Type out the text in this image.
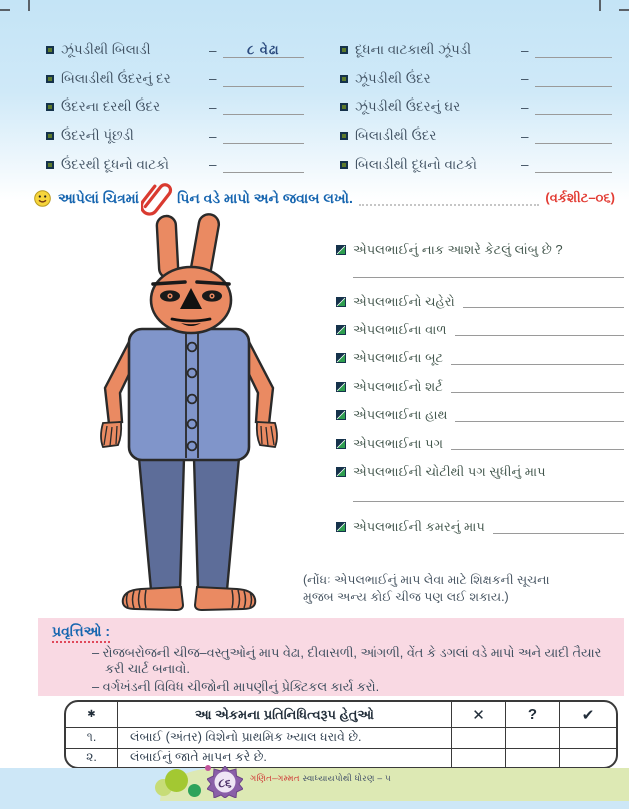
ઝૂંપડીથી બિલાડી	–	૮ વેઢા
બિલાડીથી ઉંદરનું દર	–
ઉંદરના દરથી ઉંદર	–
ઉંદરની પૂંછડી	–
ઉંદરથી દૂધનો વાટકો	–
દૂધના વાટકાથી ઝૂંપડી	–
ઝૂંપડીથી ઉંદર	–
ઝૂંપડીથી ઉંદરનું ઘર	–
બિલાડીથી ઉંદર	–
બિલાડીથી દૂધનો વાટકો	–
આપેલાં ચિત્રમાં	પિન વડે માપો અને જવાબ લખો.	(વર્કશીટ–૦૬)
એપલભાઈનું નાક આશરે કેટલું લાંબુ છે ?
એપલભાઈનો ચહેરો
એપલભાઈના વાળ
એપલભાઈના બૂટ
એપલભાઈનો શર્ટ
એપલભાઈના હાથ
એપલભાઈના પગ
એપલભાઈની ચોટીથી પગ સુધીનું માપ
એપલભાઈની કમરનું માપ
(નોંધઃ એપલભાઈનું માપ લેવા માટે શિક્ષકની સૂચના
મુજબ અન્ય કોઈ ચીજ પણ લઈ શકાય.)
પ્રવૃત્તિઓ :
– રોજબરોજની ચીજ–વસ્તુઓનું માપ વેઢા, દીવાસળી, આંગળી, વેંત કે ડગલાં વડે માપો અને યાદી તૈયાર કરી ચાર્ટ બનાવો.
– વર્ગખંડની વિવિધ ચીજોની માપણીનું પ્રેક્ટિકલ કાર્ય કરો.
✱	આ એકમના પ્રતિનિધિત્વરૂપ હેતુઓ	✕	?	✔
૧.	લંબાઈ (અંતર) વિશેનો પ્રાથમિક ખ્યાલ ધરાવે છે.
૨.	લંબાઈનું જાતે માપન કરે છે.
૮૬ ગણિત–ગમ્મત સ્વાધ્યાયપોથી ધોરણ – ૫
